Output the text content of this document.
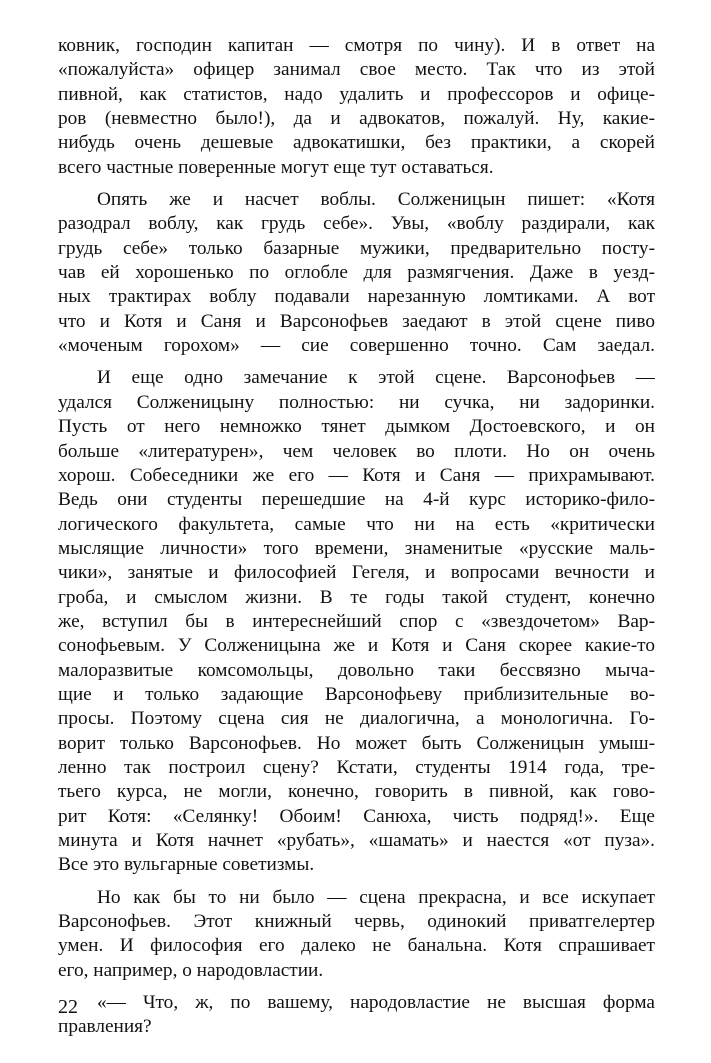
ковник, господин капитан — смотря по чину). И в ответ на
«пожалуйста» офицер занимал свое место. Так что из этой
пивной, как статистов, надо удалить и профессоров и офице-
ров (невместно было!), да и адвокатов, пожалуй. Ну, какие-
нибудь очень дешевые адвокатишки, без практики, а скорей
всего частные поверенные могут еще тут оставаться.
Опять же и насчет воблы. Солженицын пишет: «Котя
разодрал воблу, как грудь себе». Увы, «воблу раздирали, как
грудь себе» только базарные мужики, предварительно посту-
чав ей хорошенько по оглобле для размягчения. Даже в уезд-
ных трактирах воблу подавали нарезанную ломтиками. А вот
что и Котя и Саня и Варсонофьев заедают в этой сцене пиво
«моченым горохом» — сие совершенно точно. Сам заедал.
И еще одно замечание к этой сцене. Варсонофьев —
удался Солженицыну полностью: ни сучка, ни задоринки.
Пусть от него немножко тянет дымком Достоевского, и он
больше «литературен», чем человек во плоти. Но он очень
хорош. Собеседники же его — Котя и Саня — прихрамывают.
Ведь они студенты перешедшие на 4-й курс историко-фило-
логического факультета, самые что ни на есть «критически
мыслящие личности» того времени, знаменитые «русские маль-
чики», занятые и философией Гегеля, и вопросами вечности и
гроба, и смыслом жизни. В те годы такой студент, конечно
же, вступил бы в интереснейший спор с «звездочетом» Вар-
сонофьевым. У Солженицына же и Котя и Саня скорее какие-то
малоразвитые комсомольцы, довольно таки бессвязно мыча-
щие и только задающие Варсонофьеву приблизительные во-
просы. Поэтому сцена сия не диалогична, а монологична. Го-
ворит только Варсонофьев. Но может быть Солженицын умыш-
ленно так построил сцену? Кстати, студенты 1914 года, тре-
тьего курса, не могли, конечно, говорить в пивной, как гово-
рит Котя: «Селянку! Обоим! Санюха, чисть подряд!». Еще
минута и Котя начнет «рубать», «шамать» и наестся «от пуза».
Все это вульгарные советизмы.
Но как бы то ни было — сцена прекрасна, и все искупает
Варсонофьев. Этот книжный червь, одинокий приватгелертер
умен. И философия его далеко не банальна. Котя спрашивает
его, например, о народовластии.
«— Что, ж, по вашему, народовластие не высшая форма
правления?
22
